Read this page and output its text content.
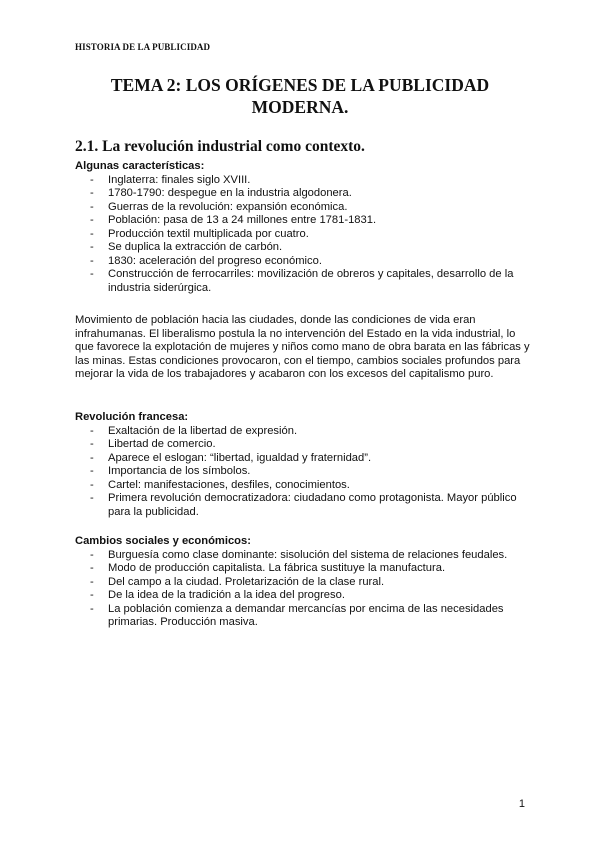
HISTORIA DE LA PUBLICIDAD
TEMA 2: LOS ORÍGENES DE LA PUBLICIDAD
MODERNA.
2.1. La revolución industrial como contexto.
Algunas características:
- Inglaterra: finales siglo XVIII.
- 1780-1790: despegue en la industria algodonera.
- Guerras de la revolución: expansión económica.
- Población: pasa de 13 a 24 millones entre 1781-1831.
- Producción textil multiplicada por cuatro.
- Se duplica la extracción de carbón.
- 1830: aceleración del progreso económico.
- Construcción de ferrocarriles: movilización de obreros y capitales, desarrollo de la industria siderúrgica.

Movimiento de población hacia las ciudades, donde las condiciones de vida eran infrahumanas. El liberalismo postula la no intervención del Estado en la vida industrial, lo que favorece la explotación de mujeres y niños como mano de obra barata en las fábricas y las minas. Estas condiciones provocaron, con el tiempo, cambios sociales profundos para mejorar la vida de los trabajadores y acabaron con los excesos del capitalismo puro.

Revolución francesa:
- Exaltación de la libertad de expresión.
- Libertad de comercio.
- Aparece el eslogan: “libertad, igualdad y fraternidad”.
- Importancia de los símbolos.
- Cartel: manifestaciones, desfiles, conocimientos.
- Primera revolución democratizadora: ciudadano como protagonista. Mayor público para la publicidad.
Cambios sociales y económicos:
- Burguesía como clase dominante: sisolución del sistema de relaciones feudales.
- Modo de producción capitalista. La fábrica sustituye la manufactura.
- Del campo a la ciudad. Proletarización de la clase rural.
- De la idea de la tradición a la idea del progreso.
- La población comienza a demandar mercancías por encima de las necesidades primarias. Producción masiva.
1
